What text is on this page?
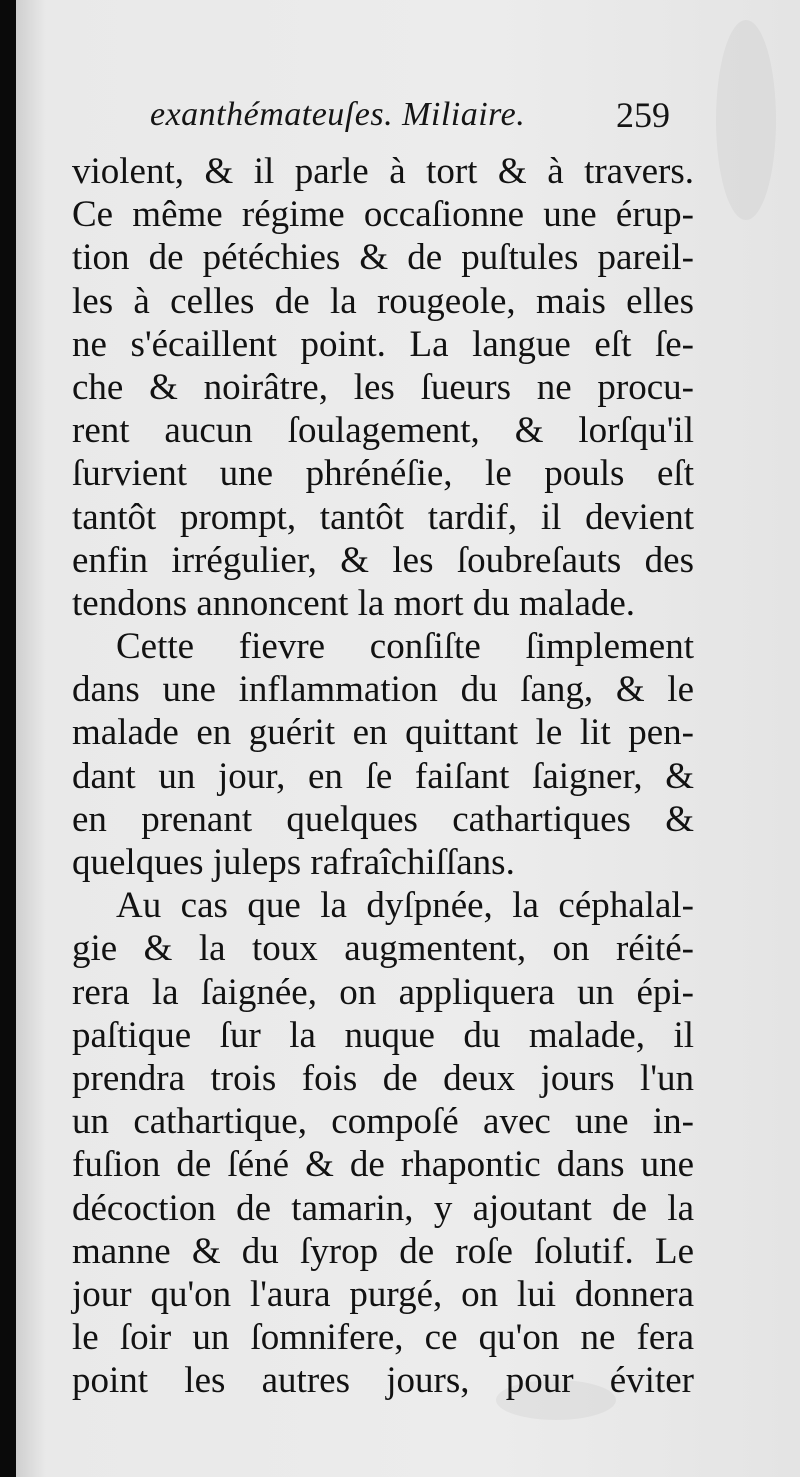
exanthémateuſes. Miliaire.	259
violent, & il parle à tort & à travers.
Ce même régime occaſionne une érup-
tion de pétéchies & de puſtules pareil-
les à celles de la rougeole, mais elles
ne s'écaillent point. La langue eſt ſe-
che & noirâtre, les ſueurs ne procu-
rent aucun ſoulagement, & lorſqu'il
ſurvient une phrénéſie, le pouls eſt
tantôt prompt, tantôt tardif, il devient
enfin irrégulier, & les ſoubreſauts des
tendons annoncent la mort du malade.
Cette fievre conſiſte ſimplement
dans une inflammation du ſang, & le
malade en guérit en quittant le lit pen-
dant un jour, en ſe faiſant ſaigner, &
en prenant quelques cathartiques &
quelques juleps rafraîchiſſans.
Au cas que la dyſpnée, la céphalal-
gie & la toux augmentent, on réité-
rera la ſaignée, on appliquera un épi-
paſtique ſur la nuque du malade, il
prendra trois fois de deux jours l'un
un cathartique, compoſé avec une in-
fuſion de ſéné & de rhapontic dans une
décoction de tamarin, y ajoutant de la
manne & du ſyrop de roſe ſolutif. Le
jour qu'on l'aura purgé, on lui donnera
le ſoir un ſomnifere, ce qu'on ne fera
point les autres jours, pour éviter
